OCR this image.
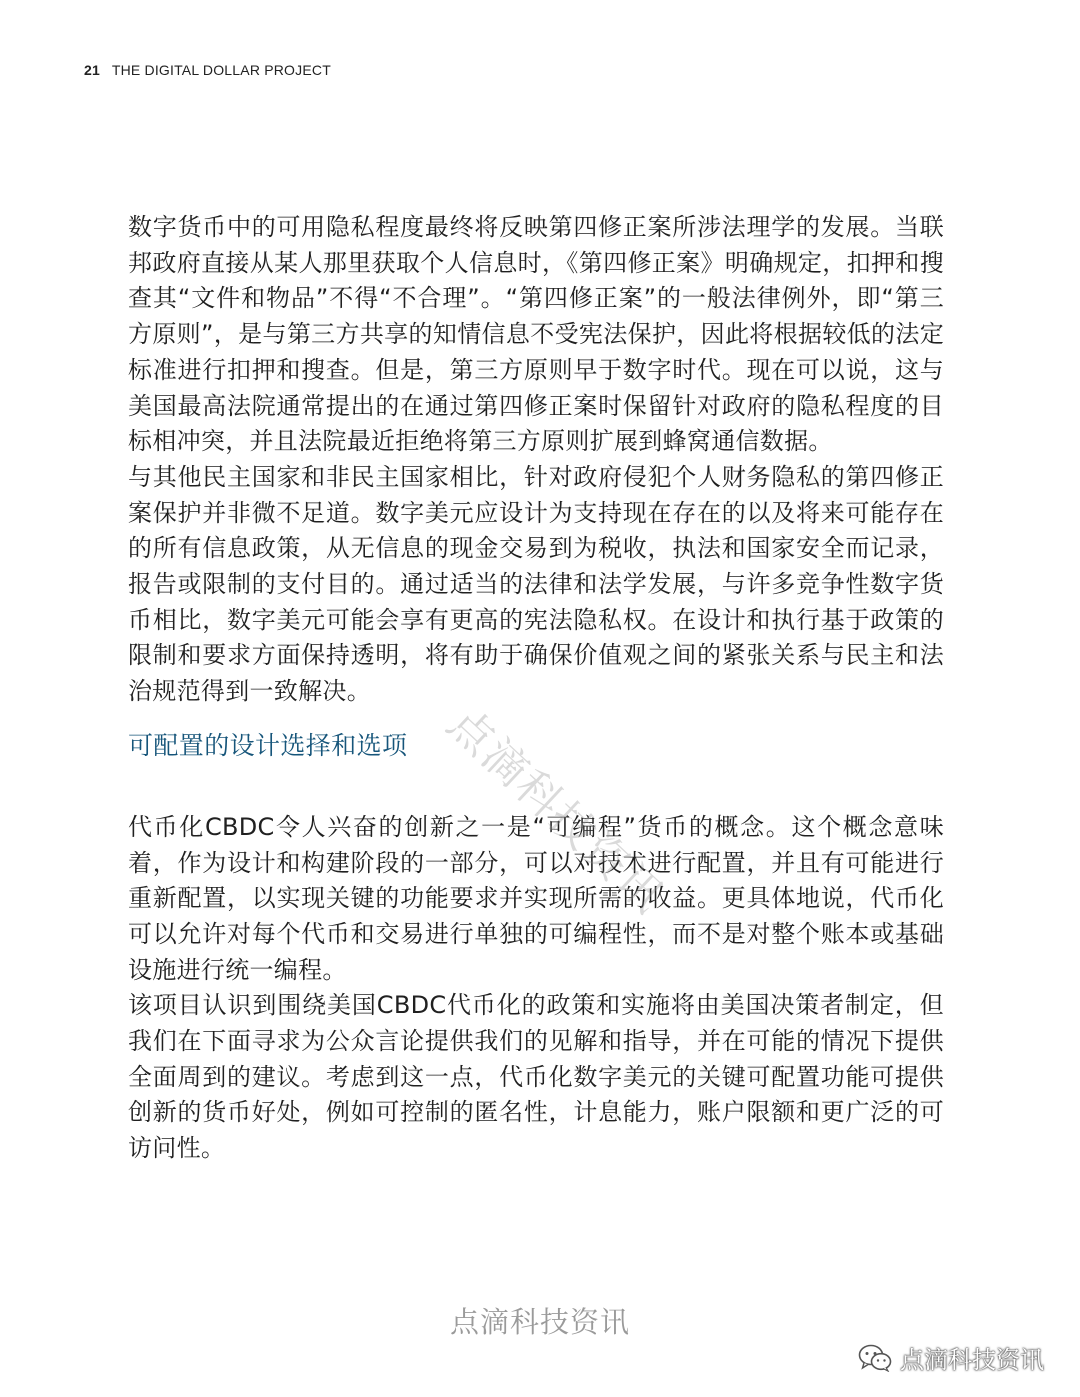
21 THE DIGITAL DOLLAR PROJECT

数字货币中的可用隐私程度最终将反映第四修正案所涉法理学的发展。当联邦政府直接从某人那里获取个人信息时，《第四修正案》明确规定，扣押和搜查其“文件和物品”不得“不合理”。“第四修正案”的一般法律例外，即“第三方原则”，是与第三方共享的知情信息不受宪法保护，因此将根据较低的法定标准进行扣押和搜查。但是，第三方原则早于数字时代。现在可以说，这与美国最高法院通常提出的在通过第四修正案时保留针对政府的隐私程度的目标相冲突，并且法院最近拒绝将第三方原则扩展到蜂窝通信数据。

与其他民主国家和非民主国家相比，针对政府侵犯个人财务隐私的第四修正案保护并非微不足道。数字美元应设计为支持现在存在的以及将来可能存在的所有信息政策，从无信息的现金交易到为税收，执法和国家安全而记录，报告或限制的支付目的。通过适当的法律和法学发展，与许多竞争性数字货币相比，数字美元可能会享有更高的宪法隐私权。在设计和执行基于政策的限制和要求方面保持透明，将有助于确保价值观之间的紧张关系与民主和法治规范得到一致解决。

可配置的设计选择和选项

代币化CBDC令人兴奋的创新之一是“可编程”货币的概念。这个概念意味着，作为设计和构建阶段的一部分，可以对技术进行配置，并且有可能进行重新配置，以实现关键的功能要求并实现所需的收益。更具体地说，代币化可以允许对每个代币和交易进行单独的可编程性，而不是对整个账本或基础设施进行统一编程。

该项目认识到围绕美国CBDC代币化的政策和实施将由美国决策者制定，但我们在下面寻求为公众言论提供我们的见解和指导，并在可能的情况下提供全面周到的建议。考虑到这一点，代币化数字美元的关键可配置功能可提供创新的货币好处，例如可控制的匿名性，计息能力，账户限额和更广泛的可访问性。

点滴科技资讯
点滴科技资讯
点滴科技资讯
